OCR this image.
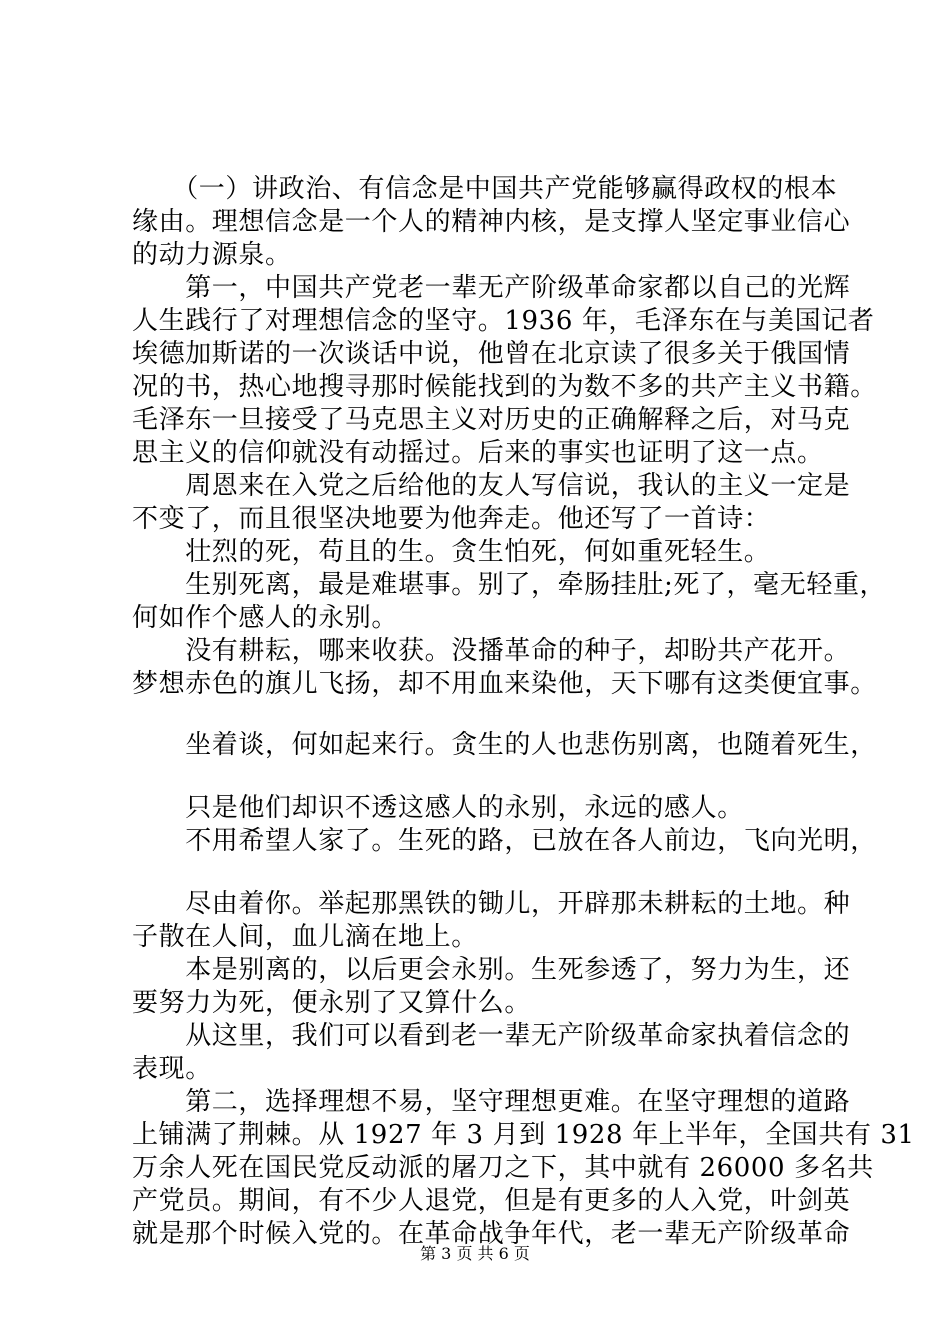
　　（一）讲政治、有信念是中国共产党能够赢得政权的根本
缘由。理想信念是一个人的精神内核，是支撑人坚定事业信心
的动力源泉。
　　第一，中国共产党老一辈无产阶级革命家都以自己的光辉
人生践行了对理想信念的坚守。1936 年，毛泽东在与美国记者
埃德加斯诺的一次谈话中说，他曾在北京读了很多关于俄国情
况的书，热心地搜寻那时候能找到的为数不多的共产主义书籍。
毛泽东一旦接受了马克思主义对历史的正确解释之后，对马克
思主义的信仰就没有动摇过。后来的事实也证明了这一点。
　　周恩来在入党之后给他的友人写信说，我认的主义一定是
不变了，而且很坚决地要为他奔走。他还写了一首诗：
　　壮烈的死，苟且的生。贪生怕死，何如重死轻生。
　　生别死离，最是难堪事。别了，牵肠挂肚;死了，毫无轻重，
何如作个感人的永别。
　　没有耕耘，哪来收获。没播革命的种子，却盼共产花开。
梦想赤色的旗儿飞扬，却不用血来染他，天下哪有这类便宜事。
　　坐着谈，何如起来行。贪生的人也悲伤别离，也随着死生，
　　只是他们却识不透这感人的永别，永远的感人。
　　不用希望人家了。生死的路，已放在各人前边，飞向光明，
　　尽由着你。举起那黑铁的锄儿，开辟那未耕耘的土地。种
子散在人间，血儿滴在地上。
　　本是别离的，以后更会永别。生死参透了，努力为生，还
要努力为死，便永别了又算什么。
　　从这里，我们可以看到老一辈无产阶级革命家执着信念的
表现。
　　第二，选择理想不易，坚守理想更难。在坚守理想的道路
上铺满了荆棘。从 1927 年 3 月到 1928 年上半年，全国共有 31
万余人死在国民党反动派的屠刀之下，其中就有 26000 多名共
产党员。期间，有不少人退党，但是有更多的人入党，叶剑英
就是那个时候入党的。在革命战争年代，老一辈无产阶级革命
第 3 页 共 6 页
